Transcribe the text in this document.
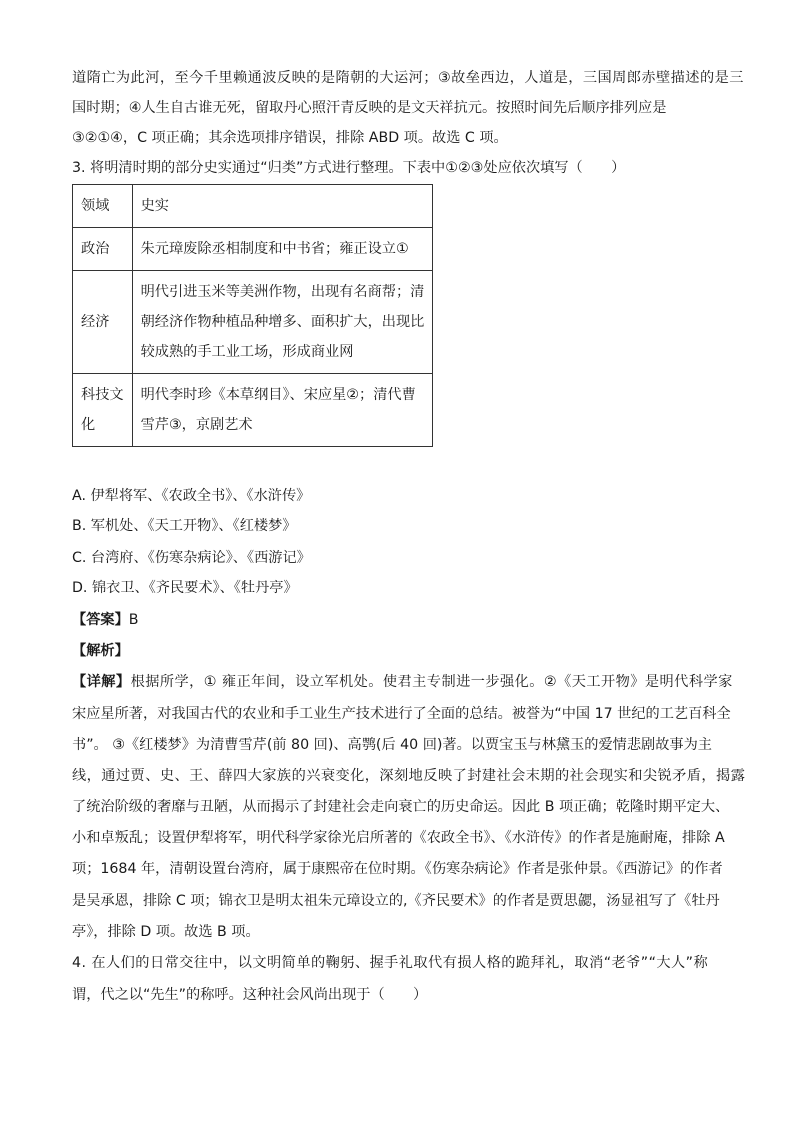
道隋亡为此河，至今千里赖通波反映的是隋朝的大运河；③故垒西边，人道是，三国周郎赤壁描述的是三
国时期；④人生自古谁无死，留取丹心照汗青反映的是文天祥抗元。按照时间先后顺序排列应是
③②①④，C 项正确；其余选项排序错误，排除 ABD 项。故选 C 项。
3. 将明清时期的部分史实通过“归类”方式进行整理。下表中①②③处应依次填写（　　）
领域	史实
政治	朱元璋废除丞相制度和中书省；雍正设立①

经济	明代引进玉米等美洲作物，出现有名商帮；清
朝经济作物种植品种增多、面积扩大，出现比
较成熟的手工业工场，形成商业网

科技文
化	明代李时珍《本草纲目》、宋应星②；清代曹
雪芹③，京剧艺术
A. 伊犁将军、《农政全书》、《水浒传》
B. 军机处、《天工开物》、《红楼梦》
C. 台湾府、《伤寒杂病论》、《西游记》
D. 锦衣卫、《齐民要术》、《牡丹亭》
【答案】B
【解析】
【详解】根据所学，① 雍正年间，设立军机处。使君主专制进一步强化。②《天工开物》是明代科学家
宋应星所著，对我国古代的农业和手工业生产技术进行了全面的总结。被誉为“中国 17 世纪的工艺百科全
书”。 ③《红楼梦》为清曹雪芹(前 80 回)、高鹗(后 40 回)著。以贾宝玉与林黛玉的爱情悲剧故事为主
线，通过贾、史、王、薛四大家族的兴衰变化，深刻地反映了封建社会末期的社会现实和尖锐矛盾，揭露
了统治阶级的奢靡与丑陋，从而揭示了封建社会走向衰亡的历史命运。因此 B 项正确；乾隆时期平定大、
小和卓叛乱；设置伊犁将军，明代科学家徐光启所著的《农政全书》、《水浒传》的作者是施耐庵，排除 A
项；1684 年，清朝设置台湾府，属于康熙帝在位时期。《伤寒杂病论》作者是张仲景。《西游记》的作者
是吴承恩，排除 C 项；锦衣卫是明太祖朱元璋设立的,《齐民要术》的作者是贾思勰，汤显祖写了《牡丹
亭》，排除 D 项。故选 B 项。
4. 在人们的日常交往中，以文明简单的鞠躬、握手礼取代有损人格的跪拜礼，取消“老爷”“大人”称
谓，代之以“先生”的称呼。这种社会风尚出现于（　　）
